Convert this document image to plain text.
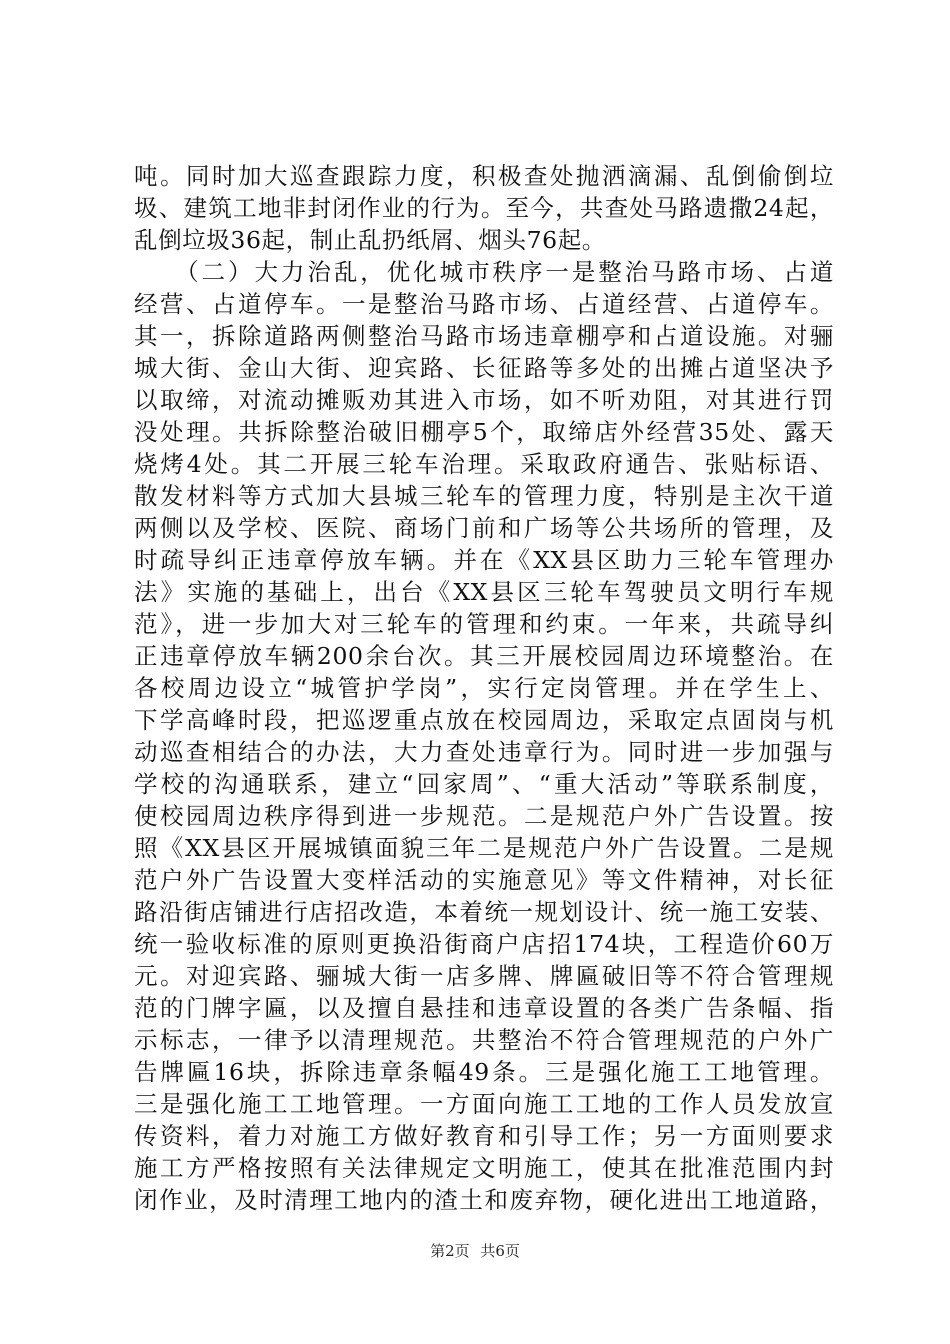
吨。同时加大巡查跟踪力度，积极查处抛洒滴漏、乱倒偷倒垃
圾、建筑工地非封闭作业的行为。至今，共查处马路遗撒24起，
乱倒垃圾36起，制止乱扔纸屑、烟头76起。
　　（二）大力治乱，优化城市秩序一是整治马路市场、占道
经营、占道停车。一是整治马路市场、占道经营、占道停车。
其一，拆除道路两侧整治马路市场违章棚亭和占道设施。对骊
城大街、金山大街、迎宾路、长征路等多处的出摊占道坚决予
以取缔，对流动摊贩劝其进入市场，如不听劝阻，对其进行罚
没处理。共拆除整治破旧棚亭5个，取缔店外经营35处、露天
烧烤4处。其二开展三轮车治理。采取政府通告、张贴标语、
散发材料等方式加大县城三轮车的管理力度，特别是主次干道
两侧以及学校、医院、商场门前和广场等公共场所的管理，及
时疏导纠正违章停放车辆。并在《XX县区助力三轮车管理办
法》实施的基础上，出台《XX县区三轮车驾驶员文明行车规
范》，进一步加大对三轮车的管理和约束。一年来，共疏导纠
正违章停放车辆200余台次。其三开展校园周边环境整治。在
各校周边设立“城管护学岗”，实行定岗管理。并在学生上、
下学高峰时段，把巡逻重点放在校园周边，采取定点固岗与机
动巡查相结合的办法，大力查处违章行为。同时进一步加强与
学校的沟通联系，建立“回家周”、“重大活动”等联系制度，
使校园周边秩序得到进一步规范。二是规范户外广告设置。按
照《XX县区开展城镇面貌三年二是规范户外广告设置。二是规
范户外广告设置大变样活动的实施意见》等文件精神，对长征
路沿街店铺进行店招改造，本着统一规划设计、统一施工安装、
统一验收标准的原则更换沿街商户店招174块，工程造价60万
元。对迎宾路、骊城大街一店多牌、牌匾破旧等不符合管理规
范的门牌字匾，以及擅自悬挂和违章设置的各类广告条幅、指
示标志，一律予以清理规范。共整治不符合管理规范的户外广
告牌匾16块，拆除违章条幅49条。三是强化施工工地管理。
三是强化施工工地管理。一方面向施工工地的工作人员发放宣
传资料，着力对施工方做好教育和引导工作；另一方面则要求
施工方严格按照有关法律规定文明施工，使其在批准范围内封
闭作业，及时清理工地内的渣土和废弃物，硬化进出工地道路，
第2页 共6页
